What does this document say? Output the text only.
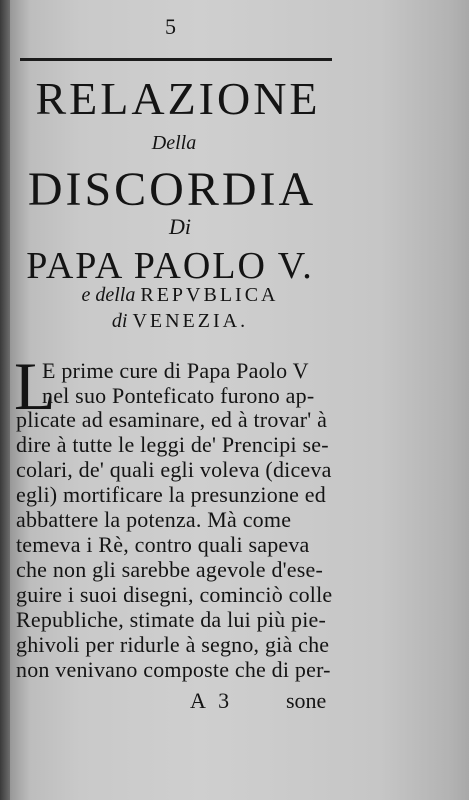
5
RELAZIONE
Della
DISCORDIA
Di
PAPA PAOLO V.
e della REPVBLICA
di VENEZIA.
L
E prime cure di Papa Paolo V
nel suo Ponteficato furono ap-
plicate ad esaminare, ed à trovar' à
dire à tutte le leggi de' Prencipi se-
colari, de' quali egli voleva (diceva
egli) mortificare la presunzione ed
abbattere la potenza. Mà come
temeva i Rè, contro quali sapeva
che non gli sarebbe agevole d'ese-
guire i suoi disegni, cominciò colle
Republiche, stimate da lui più pie-
ghivoli per ridurle à segno, già che
non venivano composte che di per-
A 3 sone
